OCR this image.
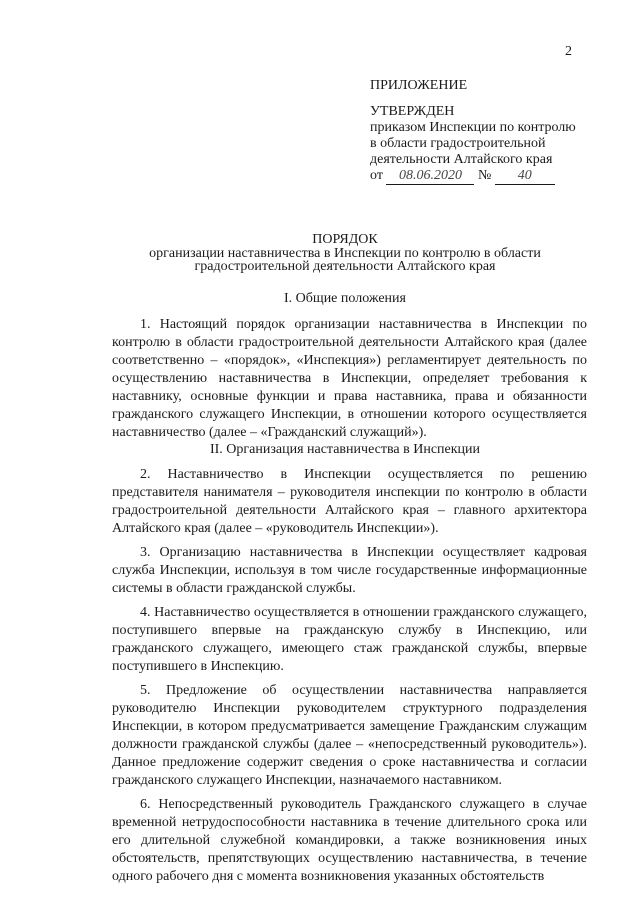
2
ПРИЛОЖЕНИЕ
УТВЕРЖДЕН
приказом Инспекции по контролю
в области градостроительной
деятельности Алтайского края
от 08.06.2020 № 40
ПОРЯДОК
организации наставничества в Инспекции по контролю в области
градостроительной деятельности Алтайского края
I. Общие положения

1. Настоящий порядок организации наставничества в Инспекции по контролю в области градостроительной деятельности Алтайского края (далее соответственно – «порядок», «Инспекция») регламентирует деятельность по осуществлению наставничества в Инспекции, определяет требования к наставнику, основные функции и права наставника, права и обязанности гражданского служащего Инспекции, в отношении которого осуществляется наставничество (далее – «Гражданский служащий»).

II. Организация наставничества в Инспекции

2. Наставничество в Инспекции осуществляется по решению представителя нанимателя – руководителя инспекции по контролю в области градостроительной деятельности Алтайского края – главного архитектора Алтайского края (далее – «руководитель Инспекции»).

3. Организацию наставничества в Инспекции осуществляет кадровая служба Инспекции, используя в том числе государственные информационные системы в области гражданской службы.

4. Наставничество осуществляется в отношении гражданского служащего, поступившего впервые на гражданскую службу в Инспекцию, или гражданского служащего, имеющего стаж гражданской службы, впервые поступившего в Инспекцию.

5. Предложение об осуществлении наставничества направляется руководителю Инспекции руководителем структурного подразделения Инспекции, в котором предусматривается замещение Гражданским служащим должности гражданской службы (далее – «непосредственный руководитель»). Данное предложение содержит сведения о сроке наставничества и согласии гражданского служащего Инспекции, назначаемого наставником.

6. Непосредственный руководитель Гражданского служащего в случае временной нетрудоспособности наставника в течение длительного срока или его длительной служебной командировки, а также возникновения иных обстоятельств, препятствующих осуществлению наставничества, в течение одного рабочего дня с момента возникновения указанных обстоятельств
